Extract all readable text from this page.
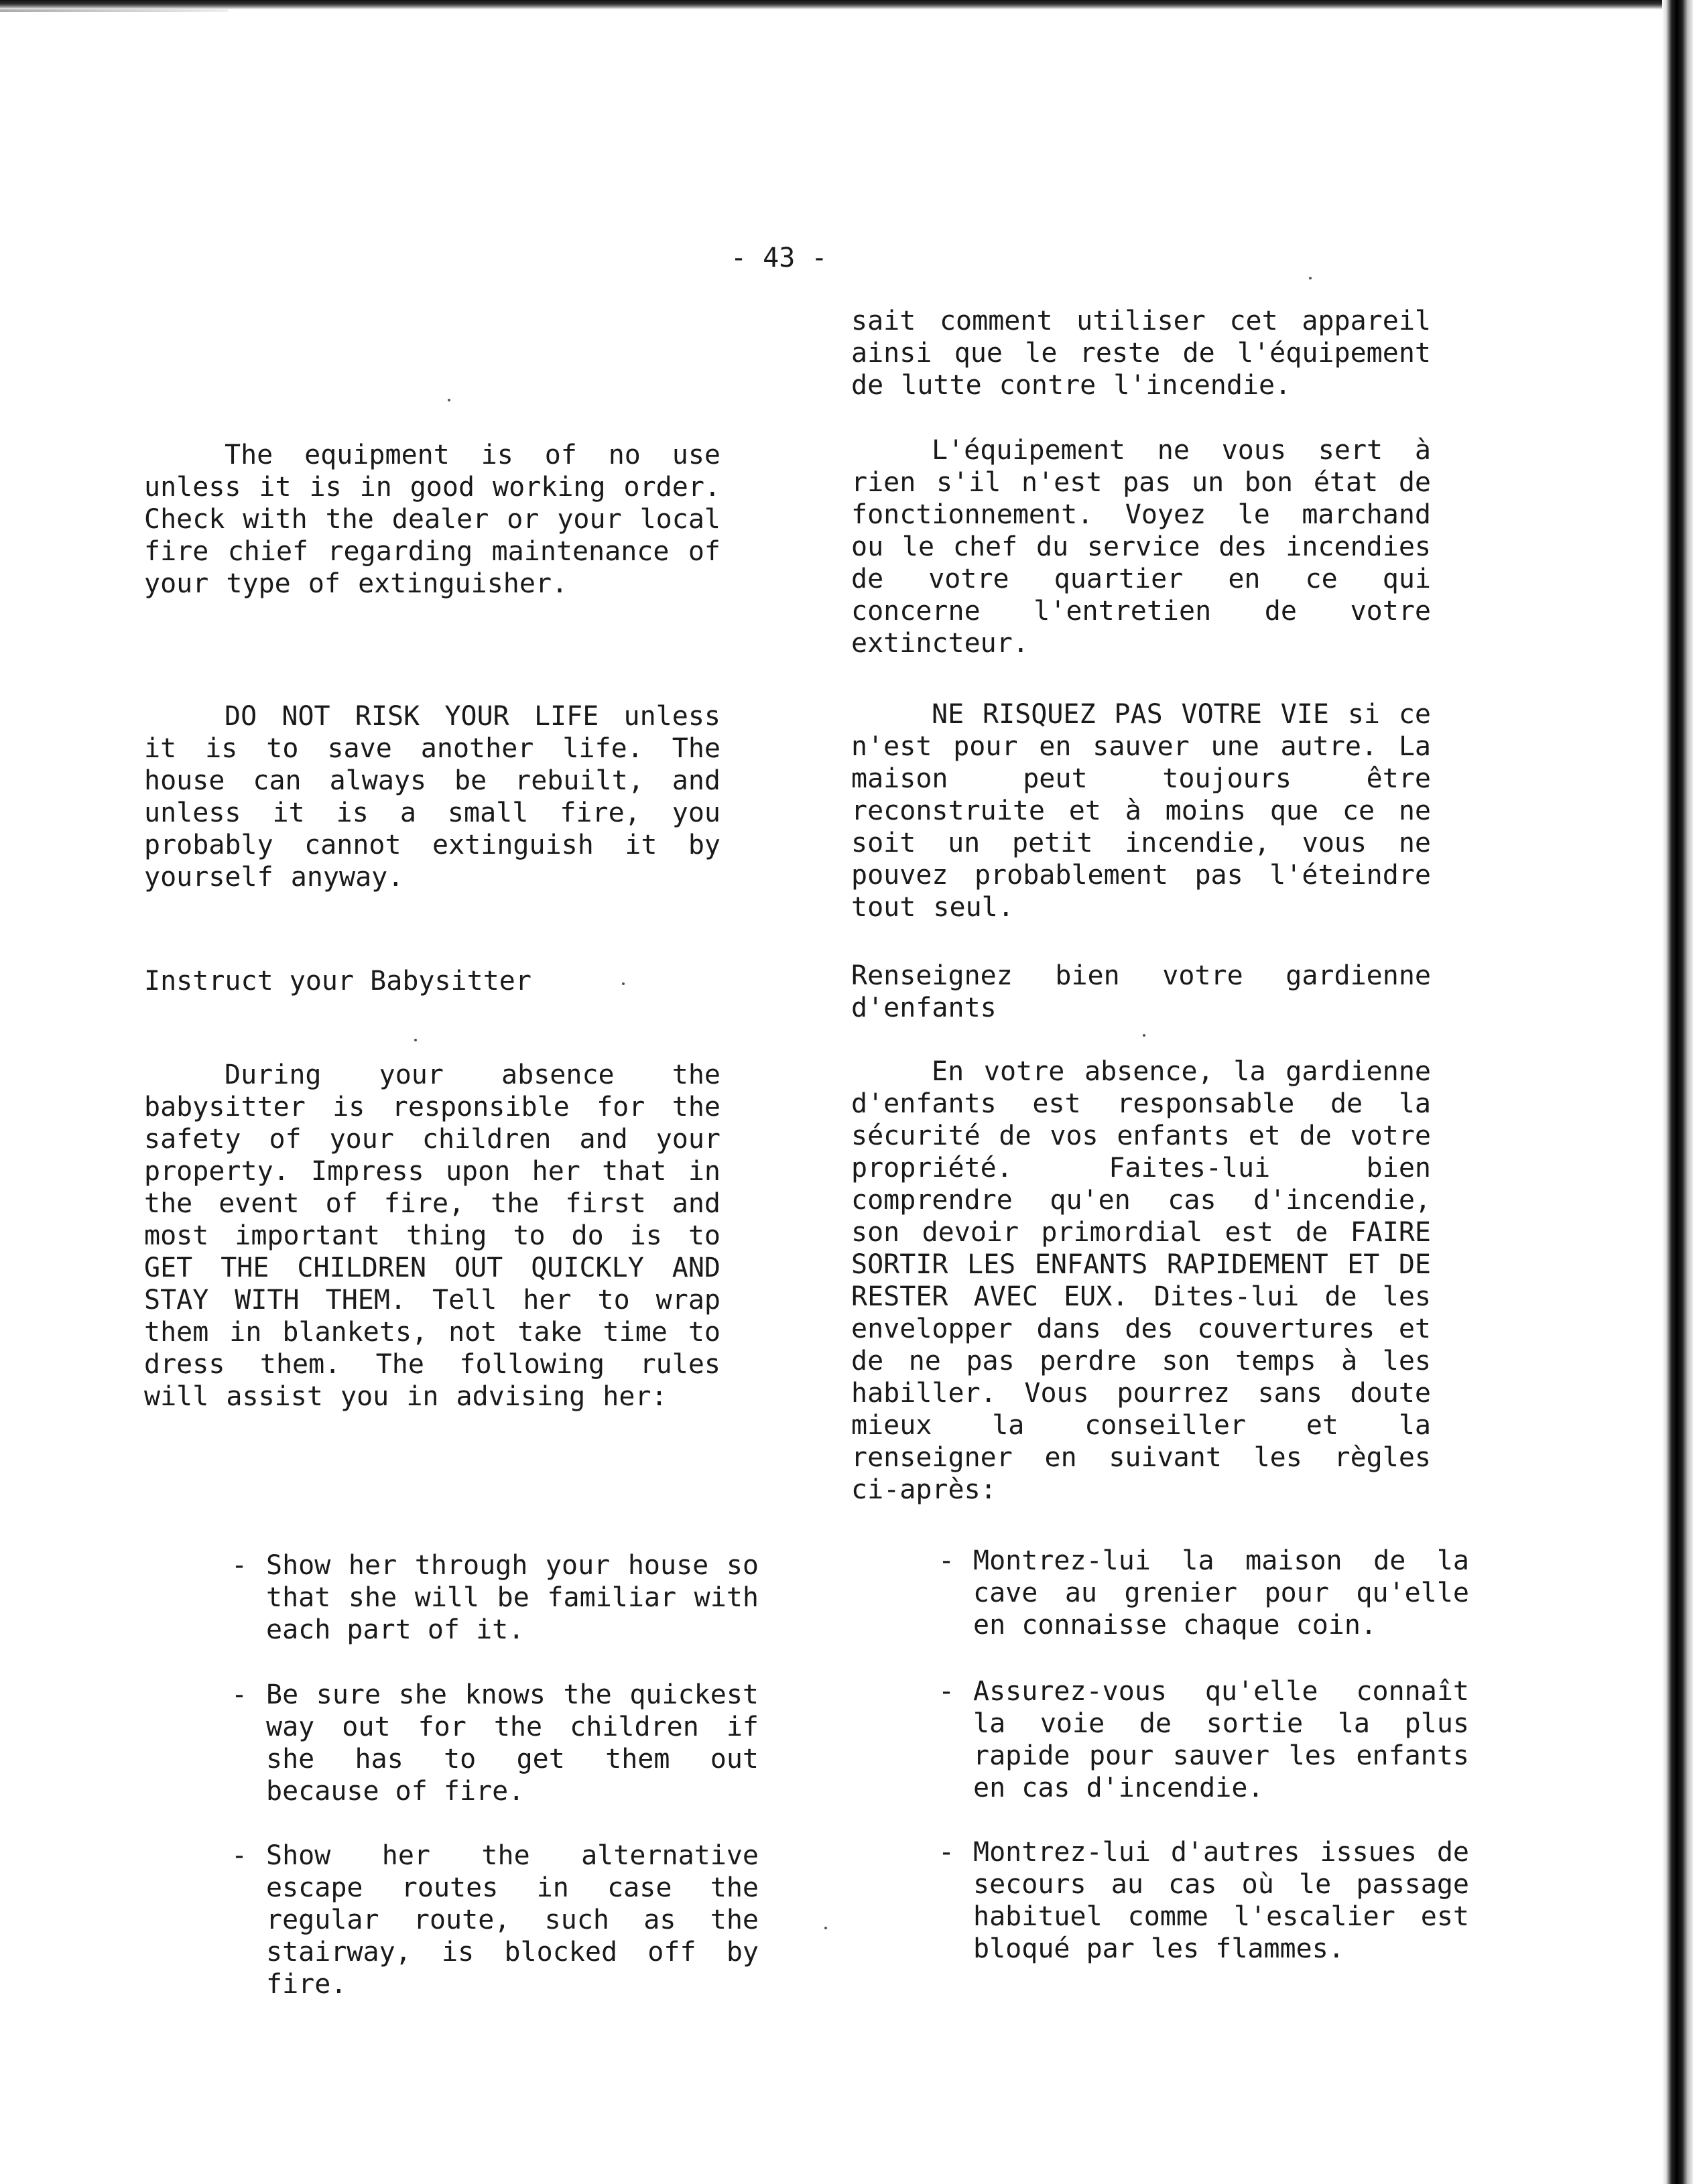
- 43 -

The equipment is of no use unless it is in good working order. Check with the dealer or your local fire chief regarding maintenance of your type of extinguisher.

DO NOT RISK YOUR LIFE unless it is to save another life. The house can always be rebuilt, and unless it is a small fire, you probably cannot extinguish it by yourself anyway.

Instruct your Babysitter

During your absence the babysitter is responsible for the safety of your children and your property. Impress upon her that in the event of fire, the first and most important thing to do is to GET THE CHILDREN OUT QUICKLY AND STAY WITH THEM. Tell her to wrap them in blankets, not take time to dress them. The following rules will assist you in advising her:

- Show her through your house so that she will be familiar with each part of it.

- Be sure she knows the quickest way out for the children if she has to get them out because of fire.

- Show her the alternative escape routes in case the regular route, such as the stairway, is blocked off by fire.

sait comment utiliser cet appareil ainsi que le reste de l'équipement de lutte contre l'incendie.

L'équipement ne vous sert à rien s'il n'est pas un bon état de fonctionnement. Voyez le marchand ou le chef du service des incendies de votre quartier en ce qui concerne l'entretien de votre extincteur.

NE RISQUEZ PAS VOTRE VIE si ce n'est pour en sauver une autre. La maison peut toujours être reconstruite et à moins que ce ne soit un petit incendie, vous ne pouvez probablement pas l'éteindre tout seul.

Renseignez bien votre gardienne d'enfants

En votre absence, la gardienne d'enfants est responsable de la sécurité de vos enfants et de votre propriété. Faites-lui bien comprendre qu'en cas d'incendie, son devoir primordial est de FAIRE SORTIR LES ENFANTS RAPIDEMENT ET DE RESTER AVEC EUX. Dites-lui de les envelopper dans des couvertures et de ne pas perdre son temps à les habiller. Vous pourrez sans doute mieux la conseiller et la renseigner en suivant les règles ci-après:

- Montrez-lui la maison de la cave au grenier pour qu'elle en connaisse chaque coin.

- Assurez-vous qu'elle connaît la voie de sortie la plus rapide pour sauver les enfants en cas d'incendie.

- Montrez-lui d'autres issues de secours au cas où le passage habituel comme l'escalier est bloqué par les flammes.
